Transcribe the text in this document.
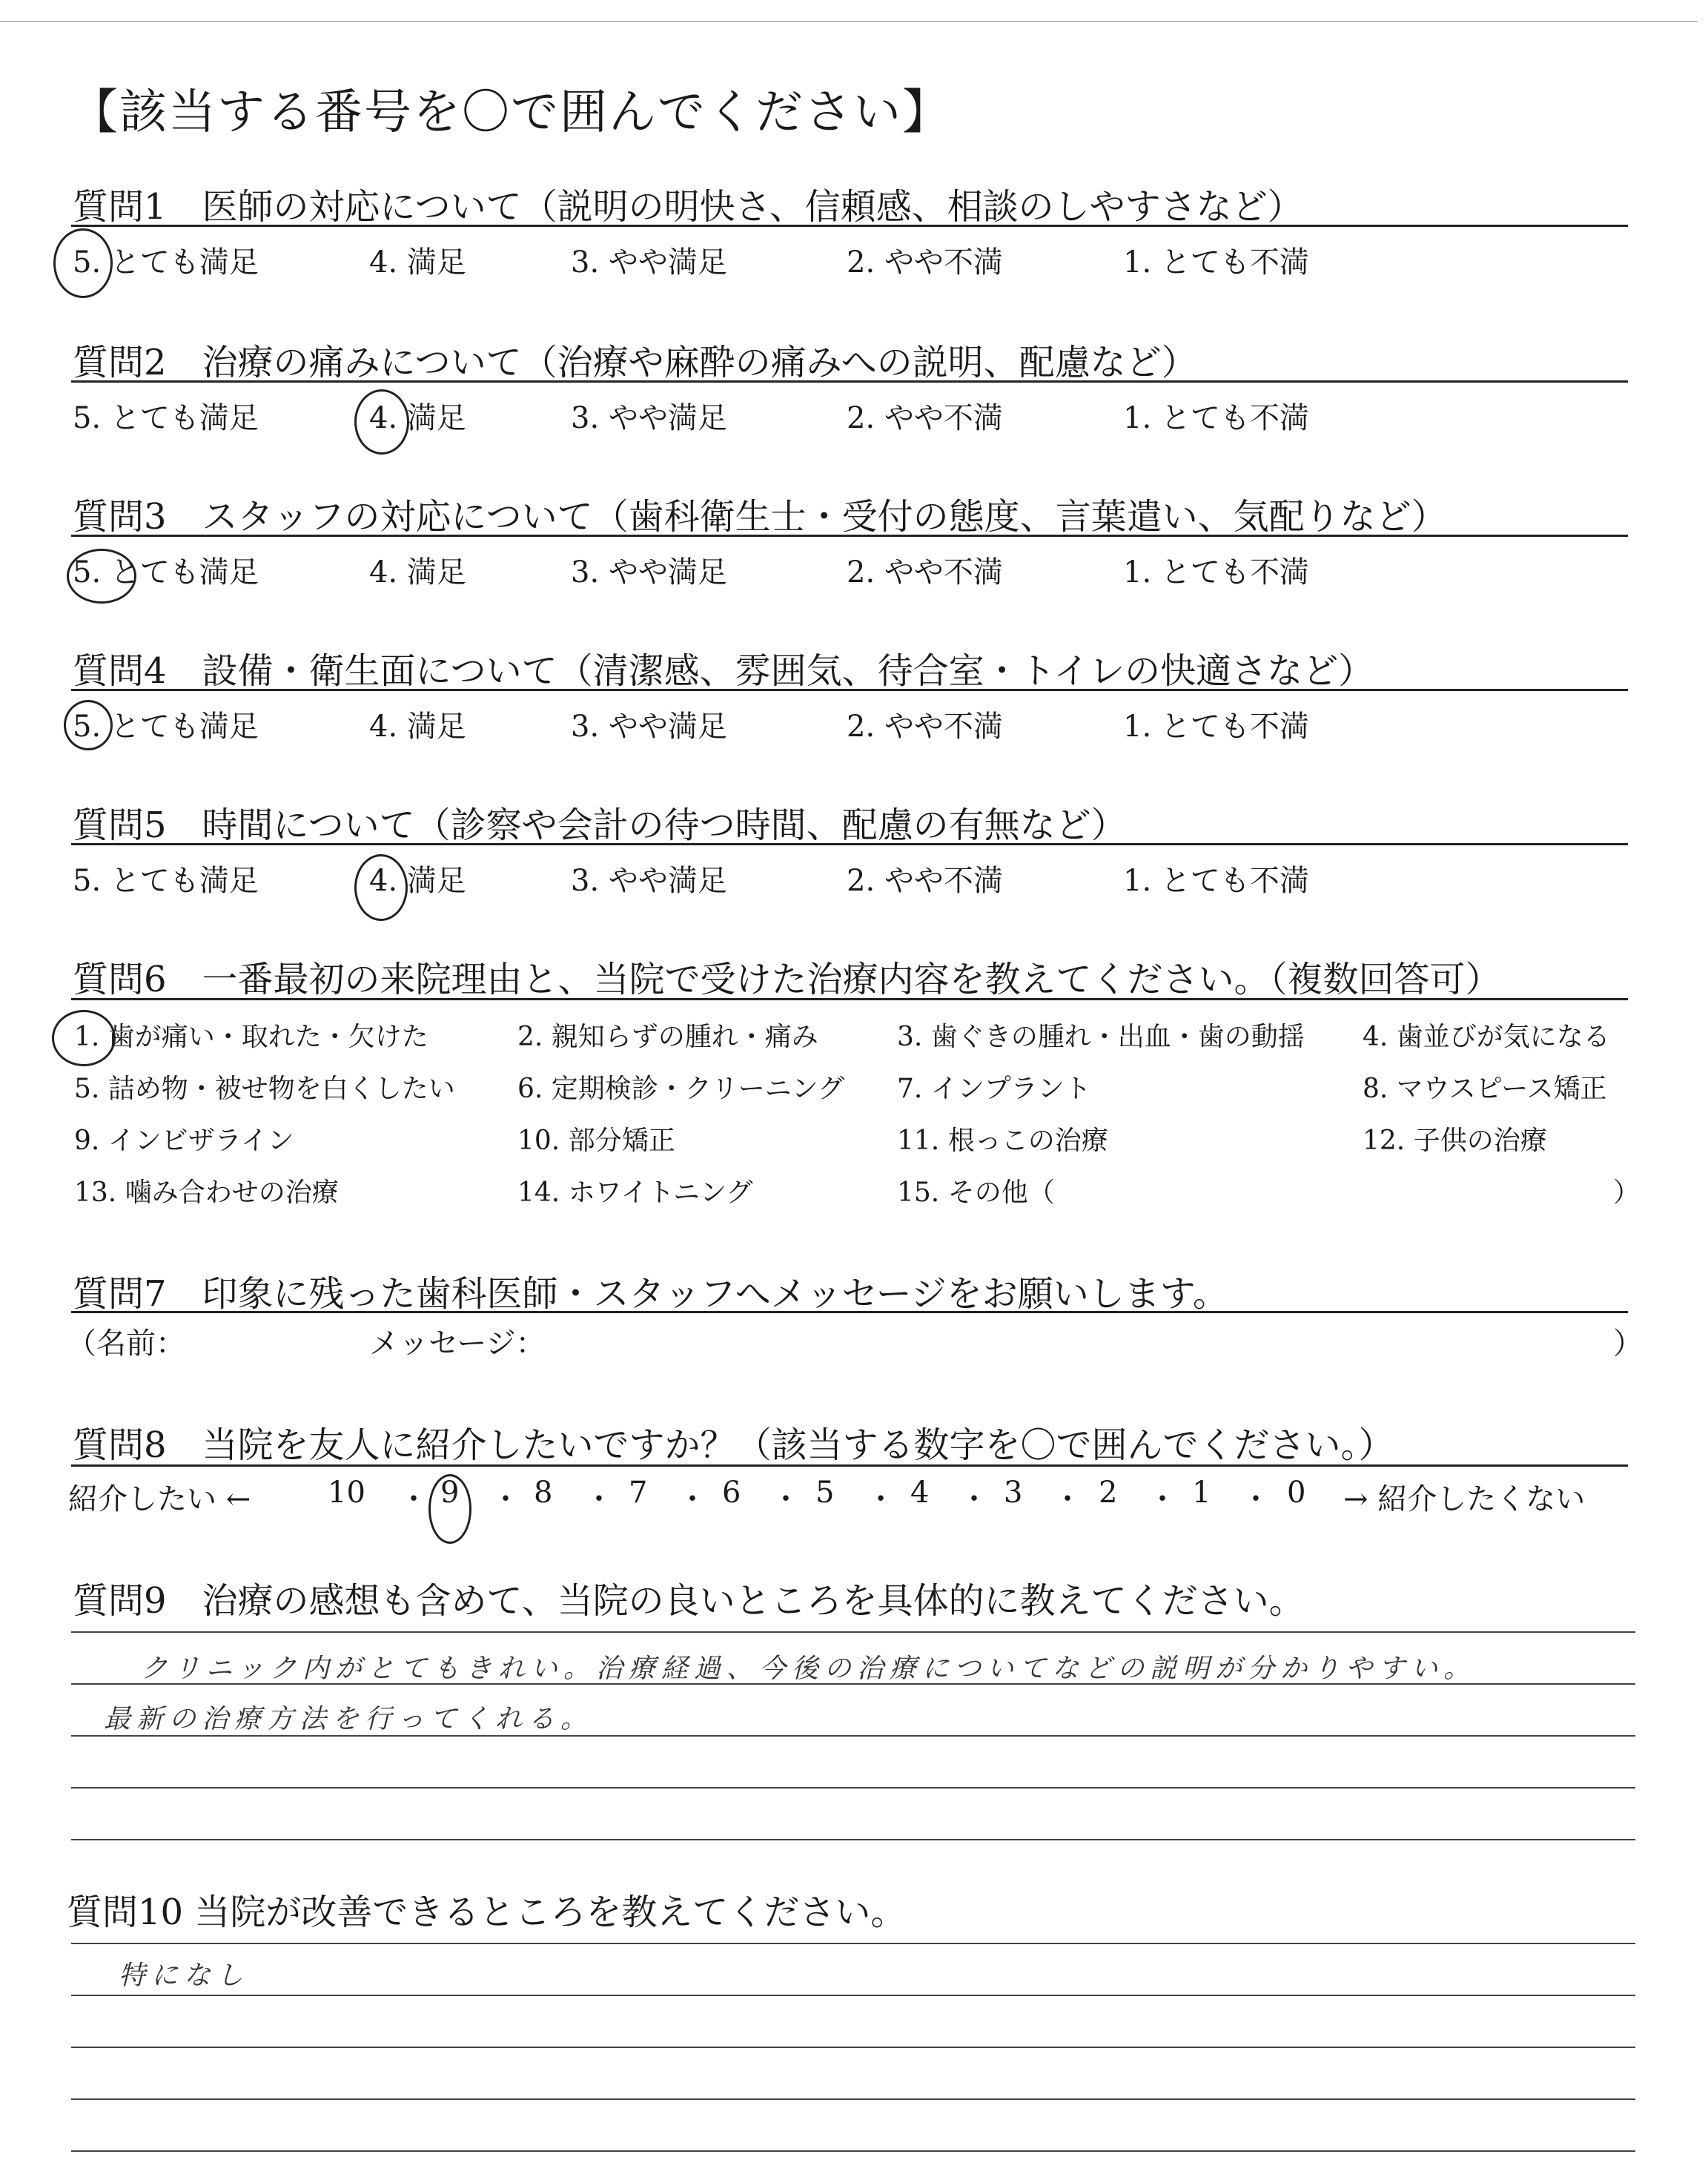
【該当する番号を〇で囲んでください】
質問1　医師の対応について（説明の明快さ、信頼感、相談のしやすさなど）
5. とても満足	4. 満足	3. やや満足	2. やや不満	1. とても不満
質問2　治療の痛みについて（治療や麻酔の痛みへの説明、配慮など）
5. とても満足	4. 満足	3. やや満足	2. やや不満	1. とても不満
質問3　スタッフの対応について（歯科衛生士・受付の態度、言葉遣い、気配りなど）
5. とても満足	4. 満足	3. やや満足	2. やや不満	1. とても不満
質問4　設備・衛生面について（清潔感、雰囲気、待合室・トイレの快適さなど）
5. とても満足	4. 満足	3. やや満足	2. やや不満	1. とても不満
質問5　時間について（診察や会計の待つ時間、配慮の有無など）
5. とても満足	4. 満足	3. やや満足	2. やや不満	1. とても不満
質問6　一番最初の来院理由と、当院で受けた治療内容を教えてください。（複数回答可）
1. 歯が痛い・取れた・欠けた	2. 親知らずの腫れ・痛み	3. 歯ぐきの腫れ・出血・歯の動揺 4. 歯並びが気になる
5. 詰め物・被せ物を白くしたい 6. 定期検診・クリーニング 7. インプラント	8. マウスピース矯正
9. インビザライン	10. 部分矯正	11. 根っこの治療	12. 子供の治療
13. 噛み合わせの治療	14. ホワイトニング	15. その他（	）
質問7　印象に残った歯科医師・スタッフへメッセージをお願いします。
（名前：	メッセージ：	）
質問8　当院を友人に紹介したいですか？（該当する数字を〇で囲んでください。）
紹介したい ←	10 ・ 9 ・ 8 ・ 7 ・ 6 ・ 5 ・ 4 ・ 3 ・ 2 ・ 1 ・ 0 → 紹介したくない
質問9　治療の感想も含めて、当院の良いところを具体的に教えてください。
クリニック内がとてもきれい。治療経過、今後の治療についてなどの説明が分かりやすい。
最新の治療方法を行ってくれる。
質問10 当院が改善できるところを教えてください。
特になし
